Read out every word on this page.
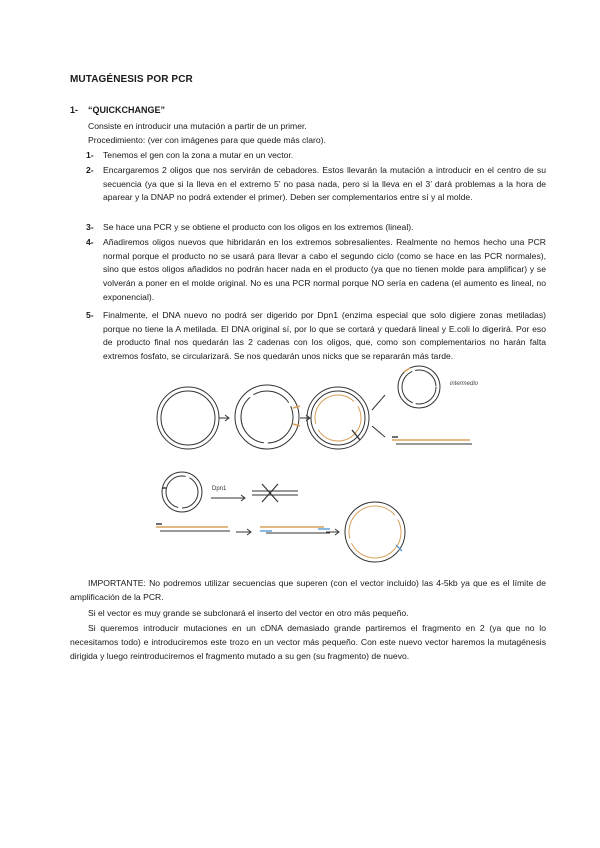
MUTAGÉNESIS POR PCR
1- “QUICKCHANGE”
Consiste en introducir una mutación a partir de un primer.
Procedimiento: (ver con imágenes para que quede más claro).
1- Tenemos el gen con la zona a mutar en un vector.
2- Encargaremos 2 oligos que nos servirán de cebadores. Estos llevarán la mutación a introducir en el centro de su secuencia (ya que si la lleva en el extremo 5’ no pasa nada, pero si la lleva en el 3’ dará problemas a la hora de aparear y la DNAP no podrá extender el primer). Deben ser complementarios entre sí y al molde.
3- Se hace una PCR y se obtiene el producto con los oligos en los extremos (lineal).
4- Añadiremos oligos nuevos que hibridarán en los extremos sobresalientes. Realmente no hemos hecho una PCR normal porque el producto no se usará para llevar a cabo el segundo ciclo (como se hace en las PCR normales), sino que estos oligos añadidos no podrán hacer nada en el producto (ya que no tienen molde para amplificar) y se volverán a poner en el molde original. No es una PCR normal porque NO sería en cadena (el aumento es lineal, no exponencial).
5- Finalmente, el DNA nuevo no podrá ser digerido por Dpn1 (enzima especial que solo digiere zonas metiladas) porque no tiene la A metilada. El DNA original sí, por lo que se cortará y quedará lineal y E.coli lo digerirá. Por eso de producto final nos quedarán las 2 cadenas con los oligos, que, como son complementarios no harán falta extremos fosfato, se circularizará. Se nos quedarán unos nicks que se repararán más tarde.
intermedio
Dpn1
IMPORTANTE: No podremos utilizar secuencias que superen (con el vector incluido) las 4-5kb ya que es el límite de amplificación de la PCR.
Si el vector es muy grande se subclonará el inserto del vector en otro más pequeño.
Si queremos introducir mutaciones en un cDNA demasiado grande partiremos el fragmento en 2 (ya que no lo necesitamos todo) e introduciremos este trozo en un vector más pequeño. Con este nuevo vector haremos la mutagénesis dirigida y luego reintroduciremos el fragmento mutado a su gen (su fragmento) de nuevo.
